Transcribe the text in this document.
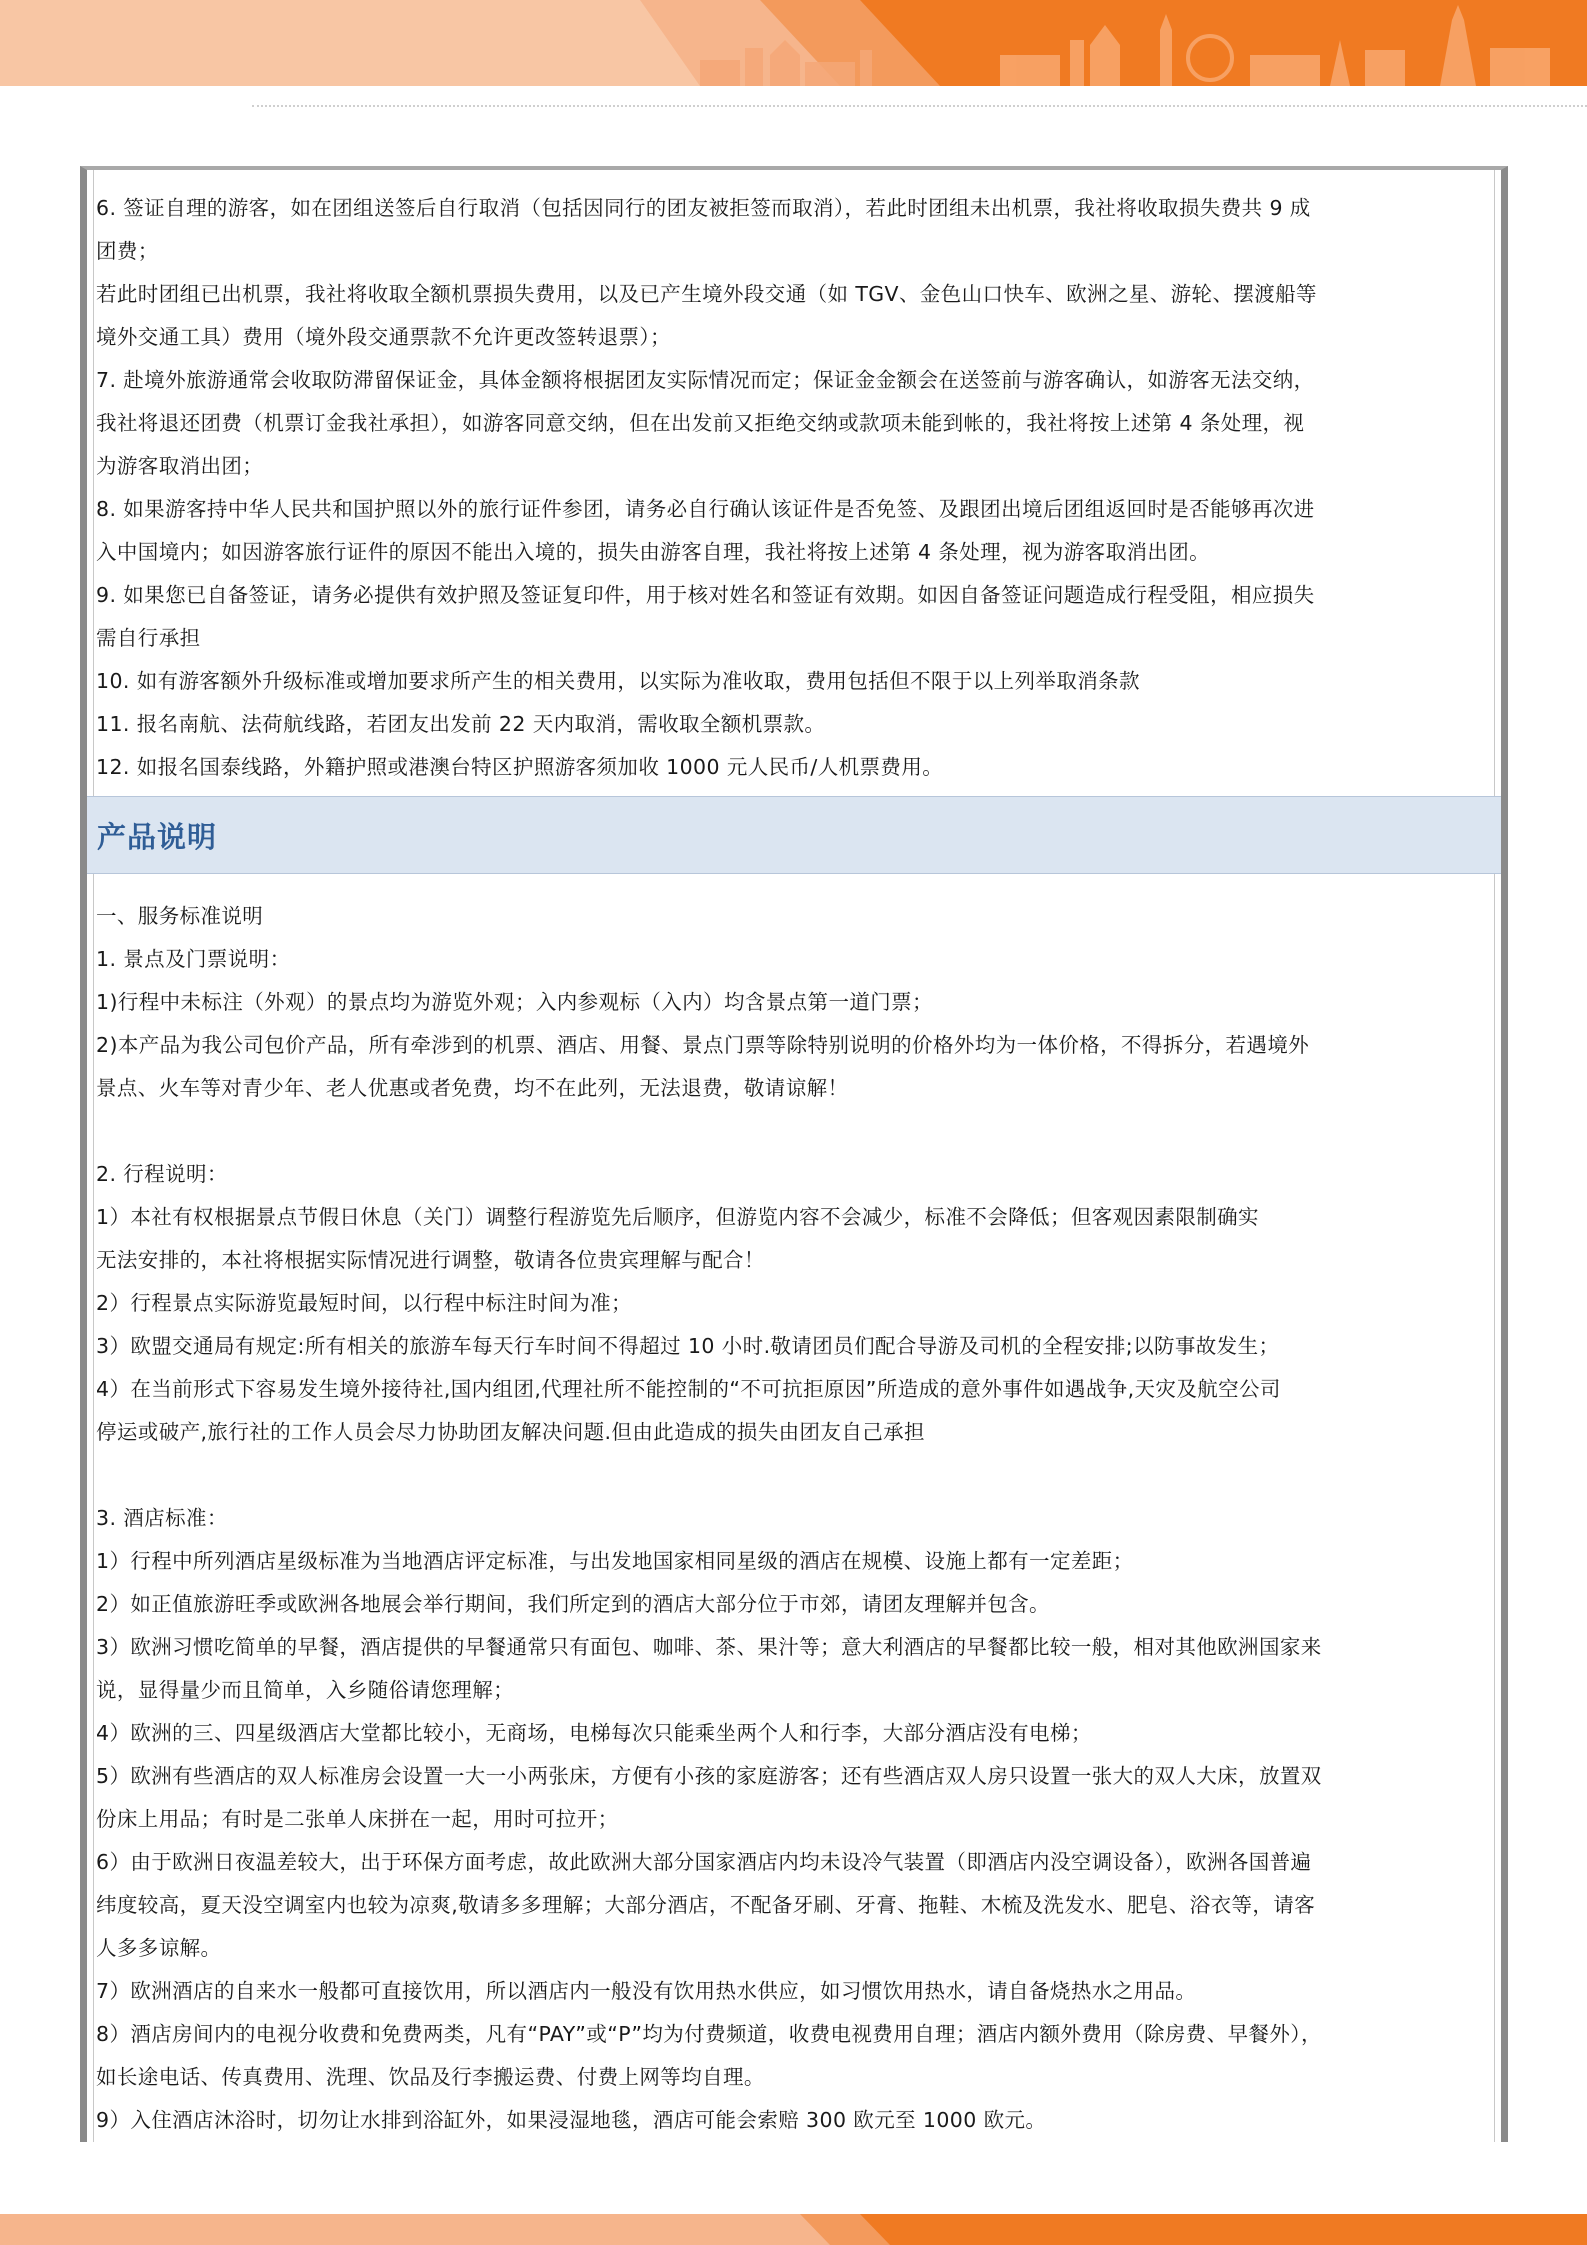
6. 签证自理的游客，如在团组送签后自行取消（包括因同行的团友被拒签而取消），若此时团组未出机票，我社将收取损失费共 9 成
团费；
若此时团组已出机票，我社将收取全额机票损失费用，以及已产生境外段交通（如 TGV、金色山口快车、欧洲之星、游轮、摆渡船等
境外交通工具）费用（境外段交通票款不允许更改签转退票）；
7. 赴境外旅游通常会收取防滞留保证金，具体金额将根据团友实际情况而定；保证金金额会在送签前与游客确认，如游客无法交纳，
我社将退还团费（机票订金我社承担），如游客同意交纳，但在出发前又拒绝交纳或款项未能到帐的，我社将按上述第 4 条处理，视
为游客取消出团；
8. 如果游客持中华人民共和国护照以外的旅行证件参团，请务必自行确认该证件是否免签、及跟团出境后团组返回时是否能够再次进
入中国境内；如因游客旅行证件的原因不能出入境的，损失由游客自理，我社将按上述第 4 条处理，视为游客取消出团。
9. 如果您已自备签证，请务必提供有效护照及签证复印件，用于核对姓名和签证有效期。如因自备签证问题造成行程受阻，相应损失
需自行承担
10. 如有游客额外升级标准或增加要求所产生的相关费用，以实际为准收取，费用包括但不限于以上列举取消条款
11. 报名南航、法荷航线路，若团友出发前 22 天内取消，需收取全额机票款。
12. 如报名国泰线路，外籍护照或港澳台特区护照游客须加收 1000 元人民币/人机票费用。
产品说明
一、服务标准说明
1. 景点及门票说明：
1)行程中未标注（外观）的景点均为游览外观；入内参观标（入内）均含景点第一道门票；
2)本产品为我公司包价产品，所有牵涉到的机票、酒店、用餐、景点门票等除特别说明的价格外均为一体价格，不得拆分，若遇境外
景点、火车等对青少年、老人优惠或者免费，均不在此列，无法退费，敬请谅解！
2. 行程说明：
1）本社有权根据景点节假日休息（关门）调整行程游览先后顺序，但游览内容不会减少，标准不会降低；但客观因素限制确实
无法安排的，本社将根据实际情况进行调整，敬请各位贵宾理解与配合！
2）行程景点实际游览最短时间，以行程中标注时间为准；
3）欧盟交通局有规定:所有相关的旅游车每天行车时间不得超过 10 小时.敬请团员们配合导游及司机的全程安排;以防事故发生；
4）在当前形式下容易发生境外接待社,国内组团,代理社所不能控制的“不可抗拒原因”所造成的意外事件如遇战争,天灾及航空公司
停运或破产,旅行社的工作人员会尽力协助团友解决问题.但由此造成的损失由团友自己承担
3. 酒店标准：
1）行程中所列酒店星级标准为当地酒店评定标准，与出发地国家相同星级的酒店在规模、设施上都有一定差距；
2）如正值旅游旺季或欧洲各地展会举行期间，我们所定到的酒店大部分位于市郊，请团友理解并包含。
3）欧洲习惯吃简单的早餐，酒店提供的早餐通常只有面包、咖啡、茶、果汁等；意大利酒店的早餐都比较一般，相对其他欧洲国家来
说，显得量少而且简单，入乡随俗请您理解；
4）欧洲的三、四星级酒店大堂都比较小，无商场，电梯每次只能乘坐两个人和行李，大部分酒店没有电梯；
5）欧洲有些酒店的双人标准房会设置一大一小两张床，方便有小孩的家庭游客；还有些酒店双人房只设置一张大的双人大床，放置双
份床上用品；有时是二张单人床拼在一起，用时可拉开；
6）由于欧洲日夜温差较大，出于环保方面考虑，故此欧洲大部分国家酒店内均未设冷气装置（即酒店内没空调设备），欧洲各国普遍
纬度较高，夏天没空调室内也较为凉爽,敬请多多理解；大部分酒店，不配备牙刷、牙膏、拖鞋、木梳及洗发水、肥皂、浴衣等，请客
人多多谅解。
7）欧洲酒店的自来水一般都可直接饮用，所以酒店内一般没有饮用热水供应，如习惯饮用热水，请自备烧热水之用品。
8）酒店房间内的电视分收费和免费两类，凡有“PAY”或“P”均为付费频道，收费电视费用自理；酒店内额外费用（除房费、早餐外），
如长途电话、传真费用、洗理、饮品及行李搬运费、付费上网等均自理。
9）入住酒店沐浴时，切勿让水排到浴缸外，如果浸湿地毯，酒店可能会索赔 300 欧元至 1000 欧元。
